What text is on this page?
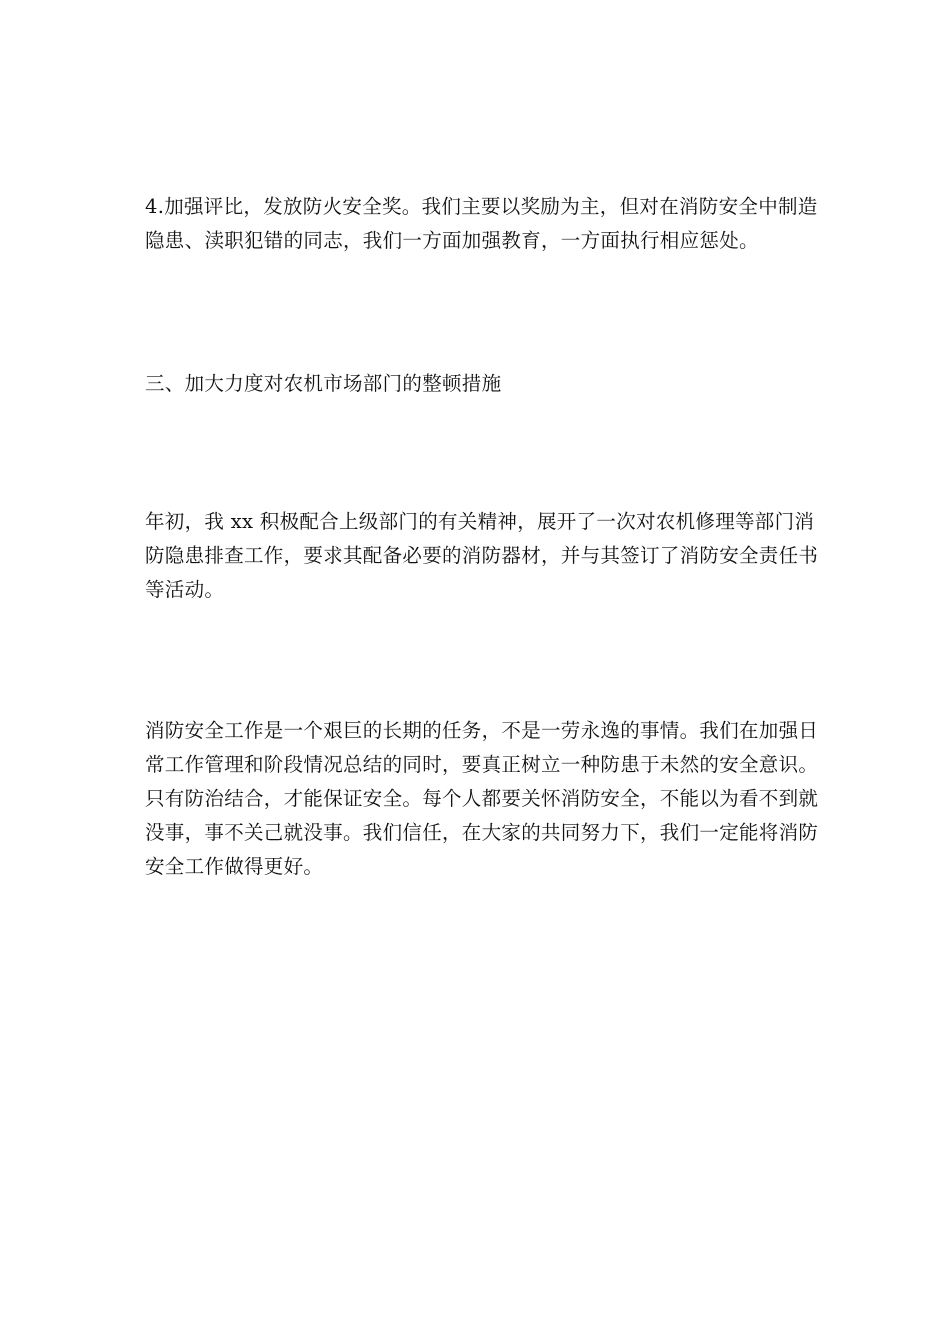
4.加强评比，发放防火安全奖。我们主要以奖励为主，但对在消防安全中制造
隐患、渎职犯错的同志，我们一方面加强教育，一方面执行相应惩处。

三、加大力度对农机市场部门的整顿措施

年初，我 xx 积极配合上级部门的有关精神，展开了一次对农机修理等部门消
防隐患排查工作，要求其配备必要的消防器材，并与其签订了消防安全责任书
等活动。

消防安全工作是一个艰巨的长期的任务，不是一劳永逸的事情。我们在加强日
常工作管理和阶段情况总结的同时，要真正树立一种防患于未然的安全意识。
只有防治结合，才能保证安全。每个人都要关怀消防安全，不能以为看不到就
没事，事不关己就没事。我们信任，在大家的共同努力下，我们一定能将消防
安全工作做得更好。
